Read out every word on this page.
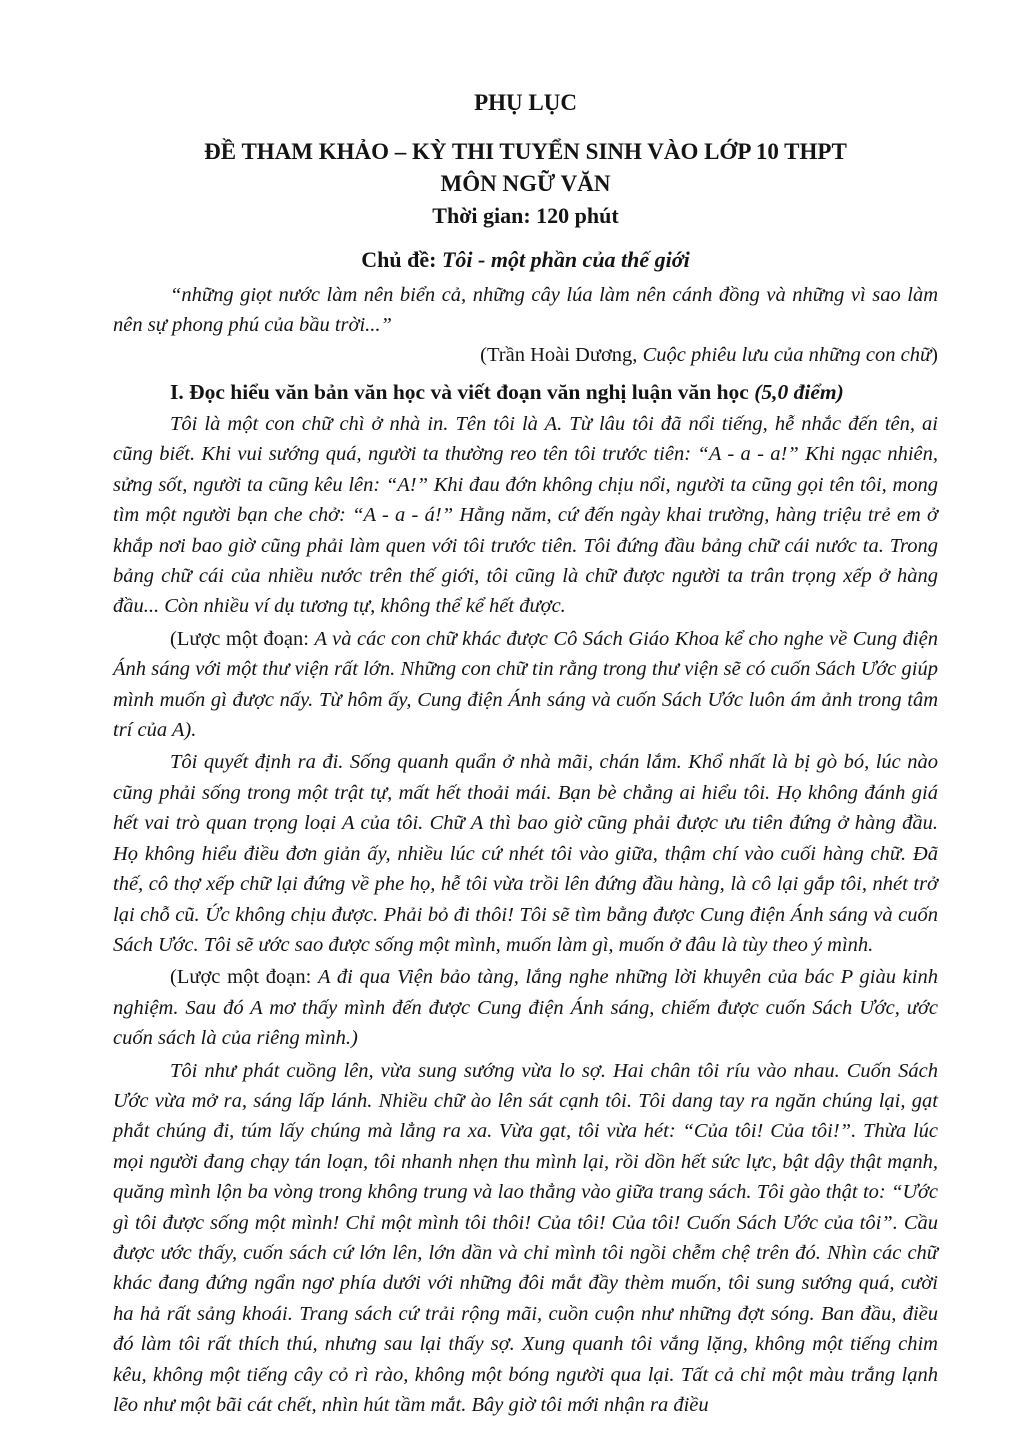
PHỤ LỤC
ĐỀ THAM KHẢO – KỲ THI TUYỂN SINH VÀO LỚP 10 THPT
MÔN NGỮ VĂN
Thời gian: 120 phút

Chủ đề: Tôi - một phần của thế giới

“những giọt nước làm nên biển cả, những cây lúa làm nên cánh đồng và những vì sao làm nên sự phong phú của bầu trời...”

(Trần Hoài Dương, Cuộc phiêu lưu của những con chữ)

I. Đọc hiểu văn bản văn học và viết đoạn văn nghị luận văn học (5,0 điểm)

Tôi là một con chữ chì ở nhà in. Tên tôi là A. Từ lâu tôi đã nổi tiếng, hễ nhắc đến tên, ai cũng biết. Khi vui sướng quá, người ta thường reo tên tôi trước tiên: “A - a - a!” Khi ngạc nhiên, sửng sốt, người ta cũng kêu lên: “A!” Khi đau đớn không chịu nổi, người ta cũng gọi tên tôi, mong tìm một người bạn che chở: “A - a - á!” Hằng năm, cứ đến ngày khai trường, hàng triệu trẻ em ở khắp nơi bao giờ cũng phải làm quen với tôi trước tiên. Tôi đứng đầu bảng chữ cái nước ta. Trong bảng chữ cái của nhiều nước trên thế giới, tôi cũng là chữ được người ta trân trọng xếp ở hàng đầu... Còn nhiều ví dụ tương tự, không thể kể hết được.

(Lược một đoạn: A và các con chữ khác được Cô Sách Giáo Khoa kể cho nghe về Cung điện Ánh sáng với một thư viện rất lớn. Những con chữ tin rằng trong thư viện sẽ có cuốn Sách Ước giúp mình muốn gì được nấy. Từ hôm ấy, Cung điện Ánh sáng và cuốn Sách Ước luôn ám ảnh trong tâm trí của A).

Tôi quyết định ra đi. Sống quanh quẩn ở nhà mãi, chán lắm. Khổ nhất là bị gò bó, lúc nào cũng phải sống trong một trật tự, mất hết thoải mái. Bạn bè chẳng ai hiểu tôi. Họ không đánh giá hết vai trò quan trọng loại A của tôi. Chữ A thì bao giờ cũng phải được ưu tiên đứng ở hàng đầu. Họ không hiểu điều đơn giản ấy, nhiều lúc cứ nhét tôi vào giữa, thậm chí vào cuối hàng chữ. Đã thế, cô thợ xếp chữ lại đứng về phe họ, hễ tôi vừa trồi lên đứng đầu hàng, là cô lại gắp tôi, nhét trở lại chỗ cũ. Ức không chịu được. Phải bỏ đi thôi! Tôi sẽ tìm bằng được Cung điện Ánh sáng và cuốn Sách Ước. Tôi sẽ ước sao được sống một mình, muốn làm gì, muốn ở đâu là tùy theo ý mình.

(Lược một đoạn: A đi qua Viện bảo tàng, lắng nghe những lời khuyên của bác P giàu kinh nghiệm. Sau đó A mơ thấy mình đến được Cung điện Ánh sáng, chiếm được cuốn Sách Ước, ước cuốn sách là của riêng mình.)

Tôi như phát cuồng lên, vừa sung sướng vừa lo sợ. Hai chân tôi ríu vào nhau. Cuốn Sách Ước vừa mở ra, sáng lấp lánh. Nhiều chữ ào lên sát cạnh tôi. Tôi dang tay ra ngăn chúng lại, gạt phắt chúng đi, túm lấy chúng mà lẳng ra xa. Vừa gạt, tôi vừa hét: “Của tôi! Của tôi!”. Thừa lúc mọi người đang chạy tán loạn, tôi nhanh nhẹn thu mình lại, rồi dồn hết sức lực, bật dậy thật mạnh, quăng mình lộn ba vòng trong không trung và lao thẳng vào giữa trang sách. Tôi gào thật to: “Ước gì tôi được sống một mình! Chỉ một mình tôi thôi! Của tôi! Của tôi! Cuốn Sách Ước của tôi”. Cầu được ước thấy, cuốn sách cứ lớn lên, lớn dần và chỉ mình tôi ngồi chễm chệ trên đó. Nhìn các chữ khác đang đứng ngẩn ngơ phía dưới với những đôi mắt đầy thèm muốn, tôi sung sướng quá, cười ha hả rất sảng khoái. Trang sách cứ trải rộng mãi, cuồn cuộn như những đợt sóng. Ban đầu, điều đó làm tôi rất thích thú, nhưng sau lại thấy sợ. Xung quanh tôi vắng lặng, không một tiếng chim kêu, không một tiếng cây cỏ rì rào, không một bóng người qua lại. Tất cả chỉ một màu trắng lạnh lẽo như một bãi cát chết, nhìn hút tầm mắt. Bây giờ tôi mới nhận ra điều
